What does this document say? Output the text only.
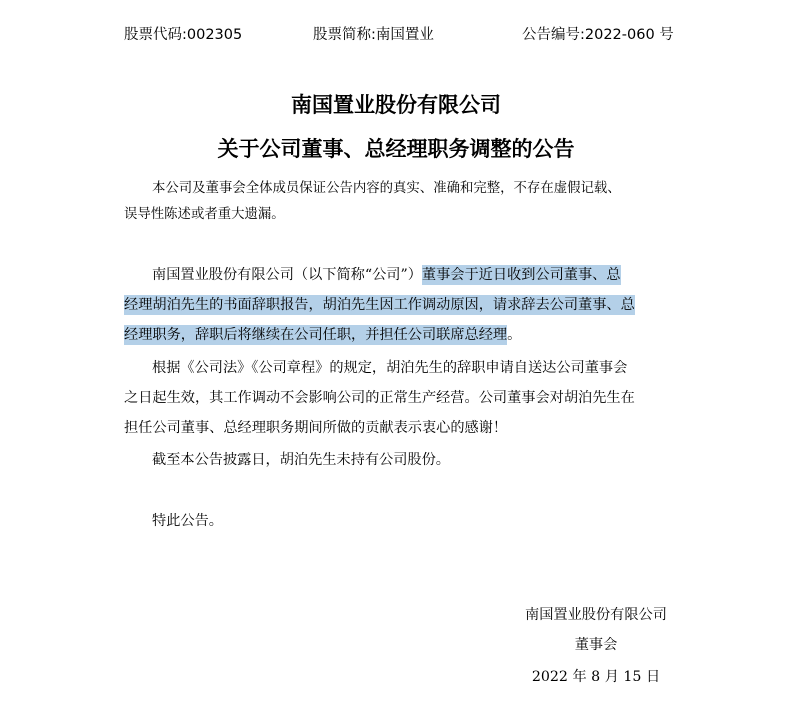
股票代码:002305	股票简称:南国置业	公告编号:2022-060 号
南国置业股份有限公司
关于公司董事、总经理职务调整的公告
本公司及董事会全体成员保证公告内容的真实、准确和完整，不存在虚假记载、
误导性陈述或者重大遗漏。
南国置业股份有限公司（以下简称“公司”）董事会于近日收到公司董事、总
经理胡泊先生的书面辞职报告，胡泊先生因工作调动原因，请求辞去公司董事、总
经理职务，辞职后将继续在公司任职，并担任公司联席总经理。
根据《公司法》《公司章程》的规定，胡泊先生的辞职申请自送达公司董事会
之日起生效，其工作调动不会影响公司的正常生产经营。公司董事会对胡泊先生在
担任公司董事、总经理职务期间所做的贡献表示衷心的感谢！
截至本公告披露日，胡泊先生未持有公司股份。
特此公告。
南国置业股份有限公司
董事会
2022 年 8 月 15 日
